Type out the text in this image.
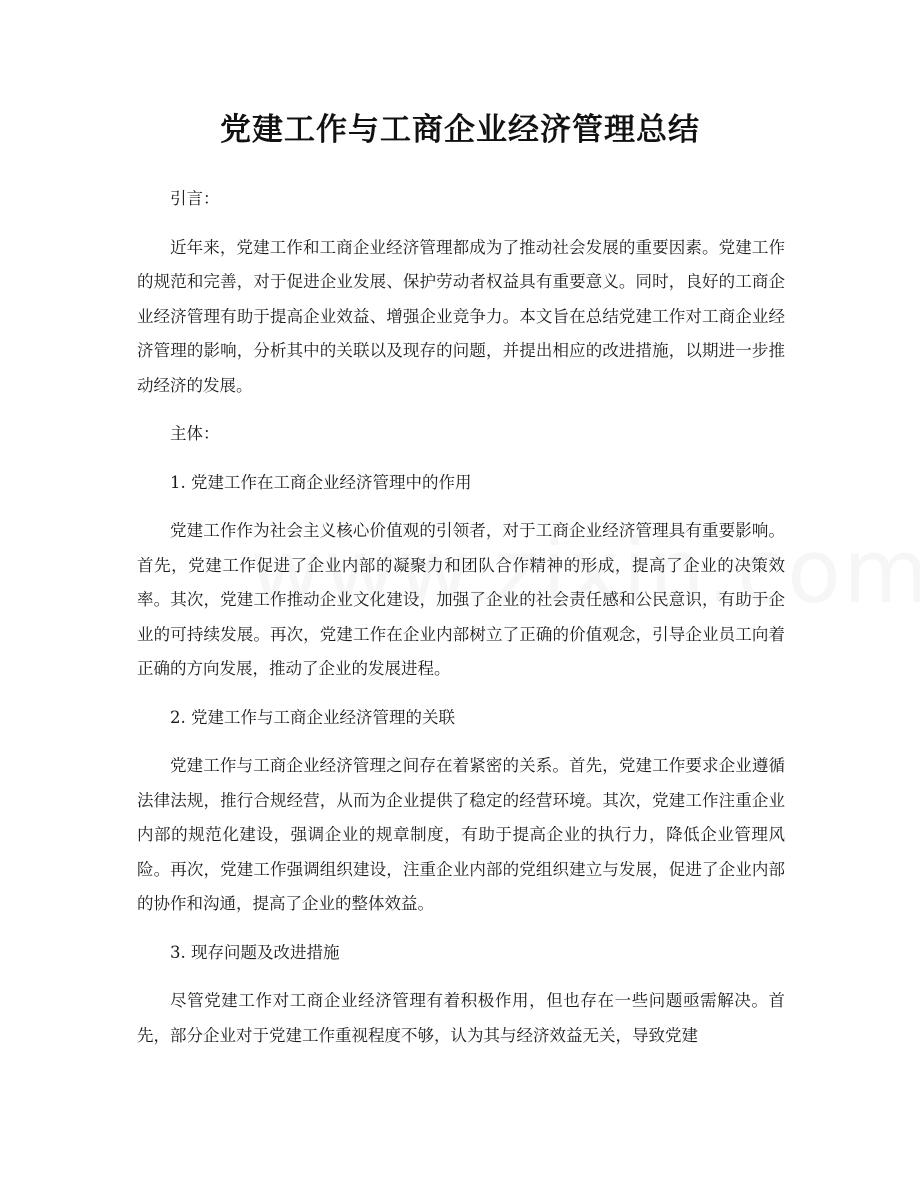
党建工作与工商企业经济管理总结

引言：

近年来，党建工作和工商企业经济管理都成为了推动社会发展的重要因素。党建工作的规范和完善，对于促进企业发展、保护劳动者权益具有重要意义。同时，良好的工商企业经济管理有助于提高企业效益、增强企业竞争力。本文旨在总结党建工作对工商企业经济管理的影响，分析其中的关联以及现存的问题，并提出相应的改进措施，以期进一步推动经济的发展。

主体：

1. 党建工作在工商企业经济管理中的作用

党建工作作为社会主义核心价值观的引领者，对于工商企业经济管理具有重要影响。首先，党建工作促进了企业内部的凝聚力和团队合作精神的形成，提高了企业的决策效率。其次，党建工作推动企业文化建设，加强了企业的社会责任感和公民意识，有助于企业的可持续发展。再次，党建工作在企业内部树立了正确的价值观念，引导企业员工向着正确的方向发展，推动了企业的发展进程。

2. 党建工作与工商企业经济管理的关联

党建工作与工商企业经济管理之间存在着紧密的关系。首先，党建工作要求企业遵循法律法规，推行合规经营，从而为企业提供了稳定的经营环境。其次，党建工作注重企业内部的规范化建设，强调企业的规章制度，有助于提高企业的执行力，降低企业管理风险。再次，党建工作强调组织建设，注重企业内部的党组织建立与发展，促进了企业内部的协作和沟通，提高了企业的整体效益。

3. 现存问题及改进措施

尽管党建工作对工商企业经济管理有着积极作用，但也存在一些问题亟需解决。首先，部分企业对于党建工作重视程度不够，认为其与经济效益无关，导致党建
